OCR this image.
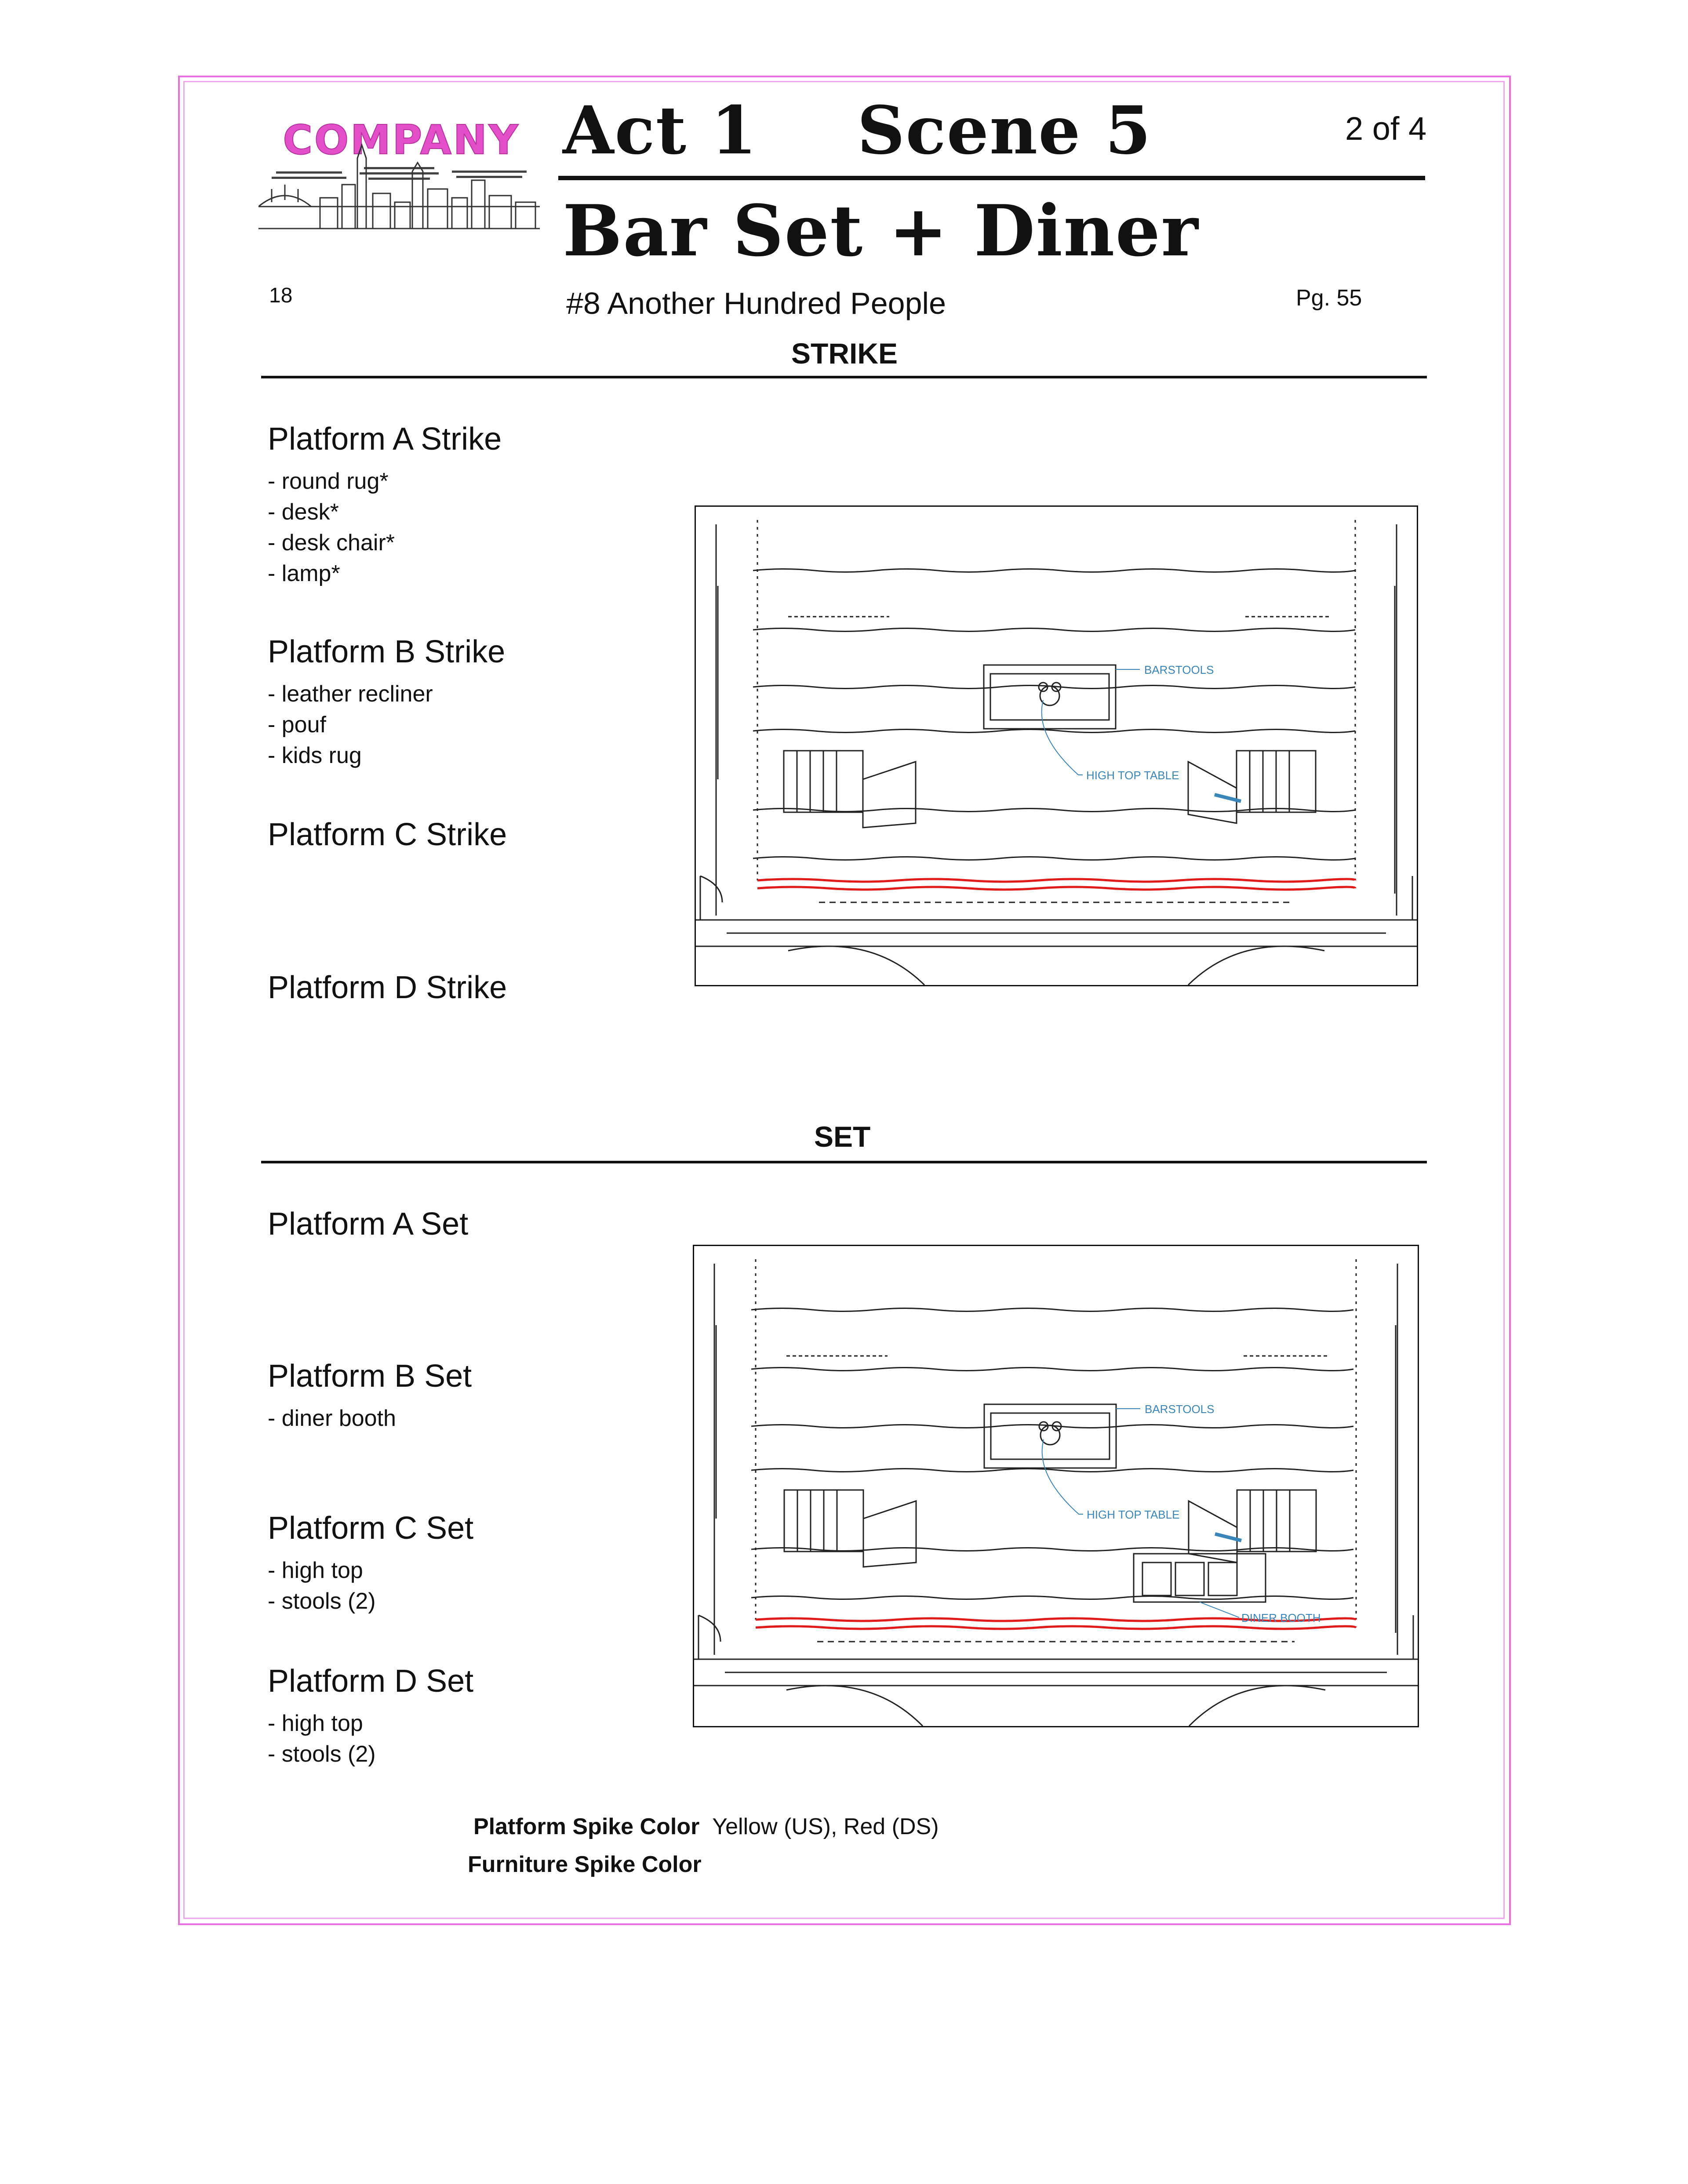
COMPANY Act 1 Scene 5
Bar Set + Diner
2 of 4
18	#8 Another Hundred People	Pg. 55
STRIKE
Platform A Strike
- round rug*
- desk*
- desk chair*
- lamp*
Platform B Strike
- leather recliner
- pouf
- kids rug
Platform C Strike
Platform D Strike
BARSTOOLS
HIGH TOP TABLE
SET
Platform A Set
Platform B Set
- diner booth
Platform C Set
- high top
- stools (2)
Platform D Set
- high top
- stools (2)
BARSTOOLS
HIGH TOP TABLE
DINER BOOTH
Platform Spike Color Yellow (US), Red (DS)
Furniture Spike Color
